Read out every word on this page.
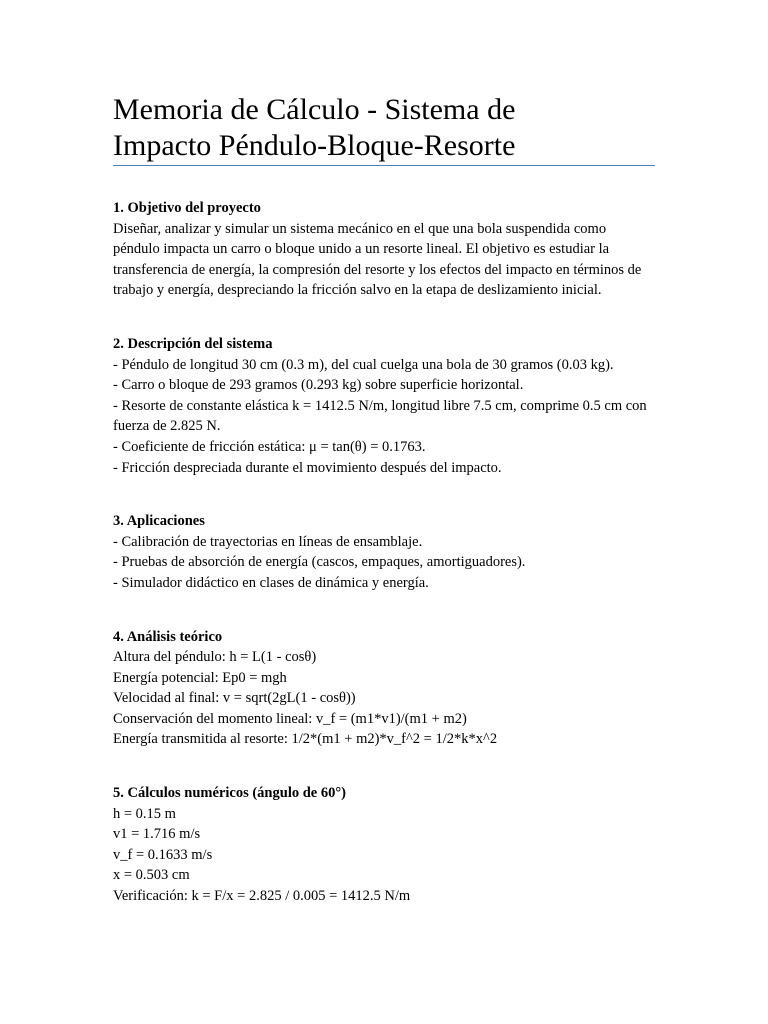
Memoria de Cálculo - Sistema de
Impacto Péndulo-Bloque-Resorte

1. Objetivo del proyecto

Diseñar, analizar y simular un sistema mecánico en el que una bola suspendida como péndulo impacta un carro o bloque unido a un resorte lineal. El objetivo es estudiar la transferencia de energía, la compresión del resorte y los efectos del impacto en términos de trabajo y energía, despreciando la fricción salvo en la etapa de deslizamiento inicial.

2. Descripción del sistema

- Péndulo de longitud 30 cm (0.3 m), del cual cuelga una bola de 30 gramos (0.03 kg).

- Carro o bloque de 293 gramos (0.293 kg) sobre superficie horizontal.

- Resorte de constante elástica k = 1412.5 N/m, longitud libre 7.5 cm, comprime 0.5 cm con fuerza de 2.825 N.

- Coeficiente de fricción estática: μ = tan(θ) = 0.1763.

- Fricción despreciada durante el movimiento después del impacto.

3. Aplicaciones

- Calibración de trayectorias en líneas de ensamblaje.

- Pruebas de absorción de energía (cascos, empaques, amortiguadores).

- Simulador didáctico en clases de dinámica y energía.

4. Análisis teórico

Altura del péndulo: h = L(1 - cosθ)

Energía potencial: Ep0 = mgh

Velocidad al final: v = sqrt(2gL(1 - cosθ))

Conservación del momento lineal: v_f = (m1*v1)/(m1 + m2)

Energía transmitida al resorte: 1/2*(m1 + m2)*v_f^2 = 1/2*k*x^2

5. Cálculos numéricos (ángulo de 60°)

h = 0.15 m

v1 = 1.716 m/s

v_f = 0.1633 m/s

x = 0.503 cm

Verificación: k = F/x = 2.825 / 0.005 = 1412.5 N/m
